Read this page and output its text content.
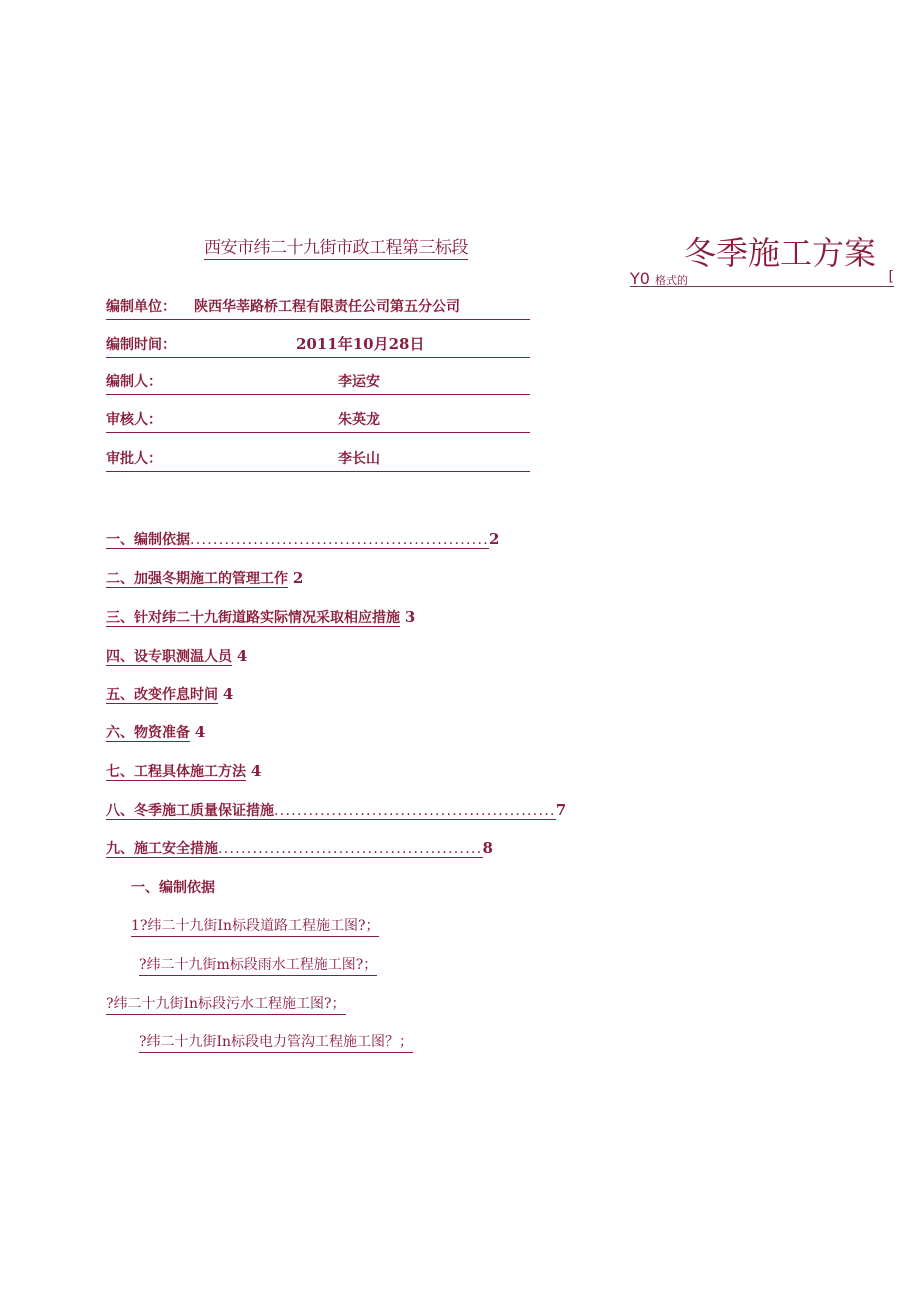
西安市纬二十九街市政工程第三标段	冬季施工方案
Y0 格式的	[
编制单位： 陕西华莘路桥工程有限责任公司第五分公司
编制时间：	2011年10月28日
编制人：	李运安
审核人：	朱英龙
审批人：	李长山
一、编制依据....................................................2
二、加强冬期施工的管理工作 2
三、针对纬二十九街道路实际情况采取相应措施 3
四、设专职测温人员 4
五、改变作息时间 4
六、物资准备 4
七、工程具体施工方法 4
八、冬季施工质量保证措施.................................................7
九、施工安全措施..............................................8
一、编制依据
1?纬二十九街In标段道路工程施工图?；
?纬二十九街m标段雨水工程施工图?；
?纬二十九街In标段污水工程施工图?；
?纬二十九街In标段电力管沟工程施工图？；
